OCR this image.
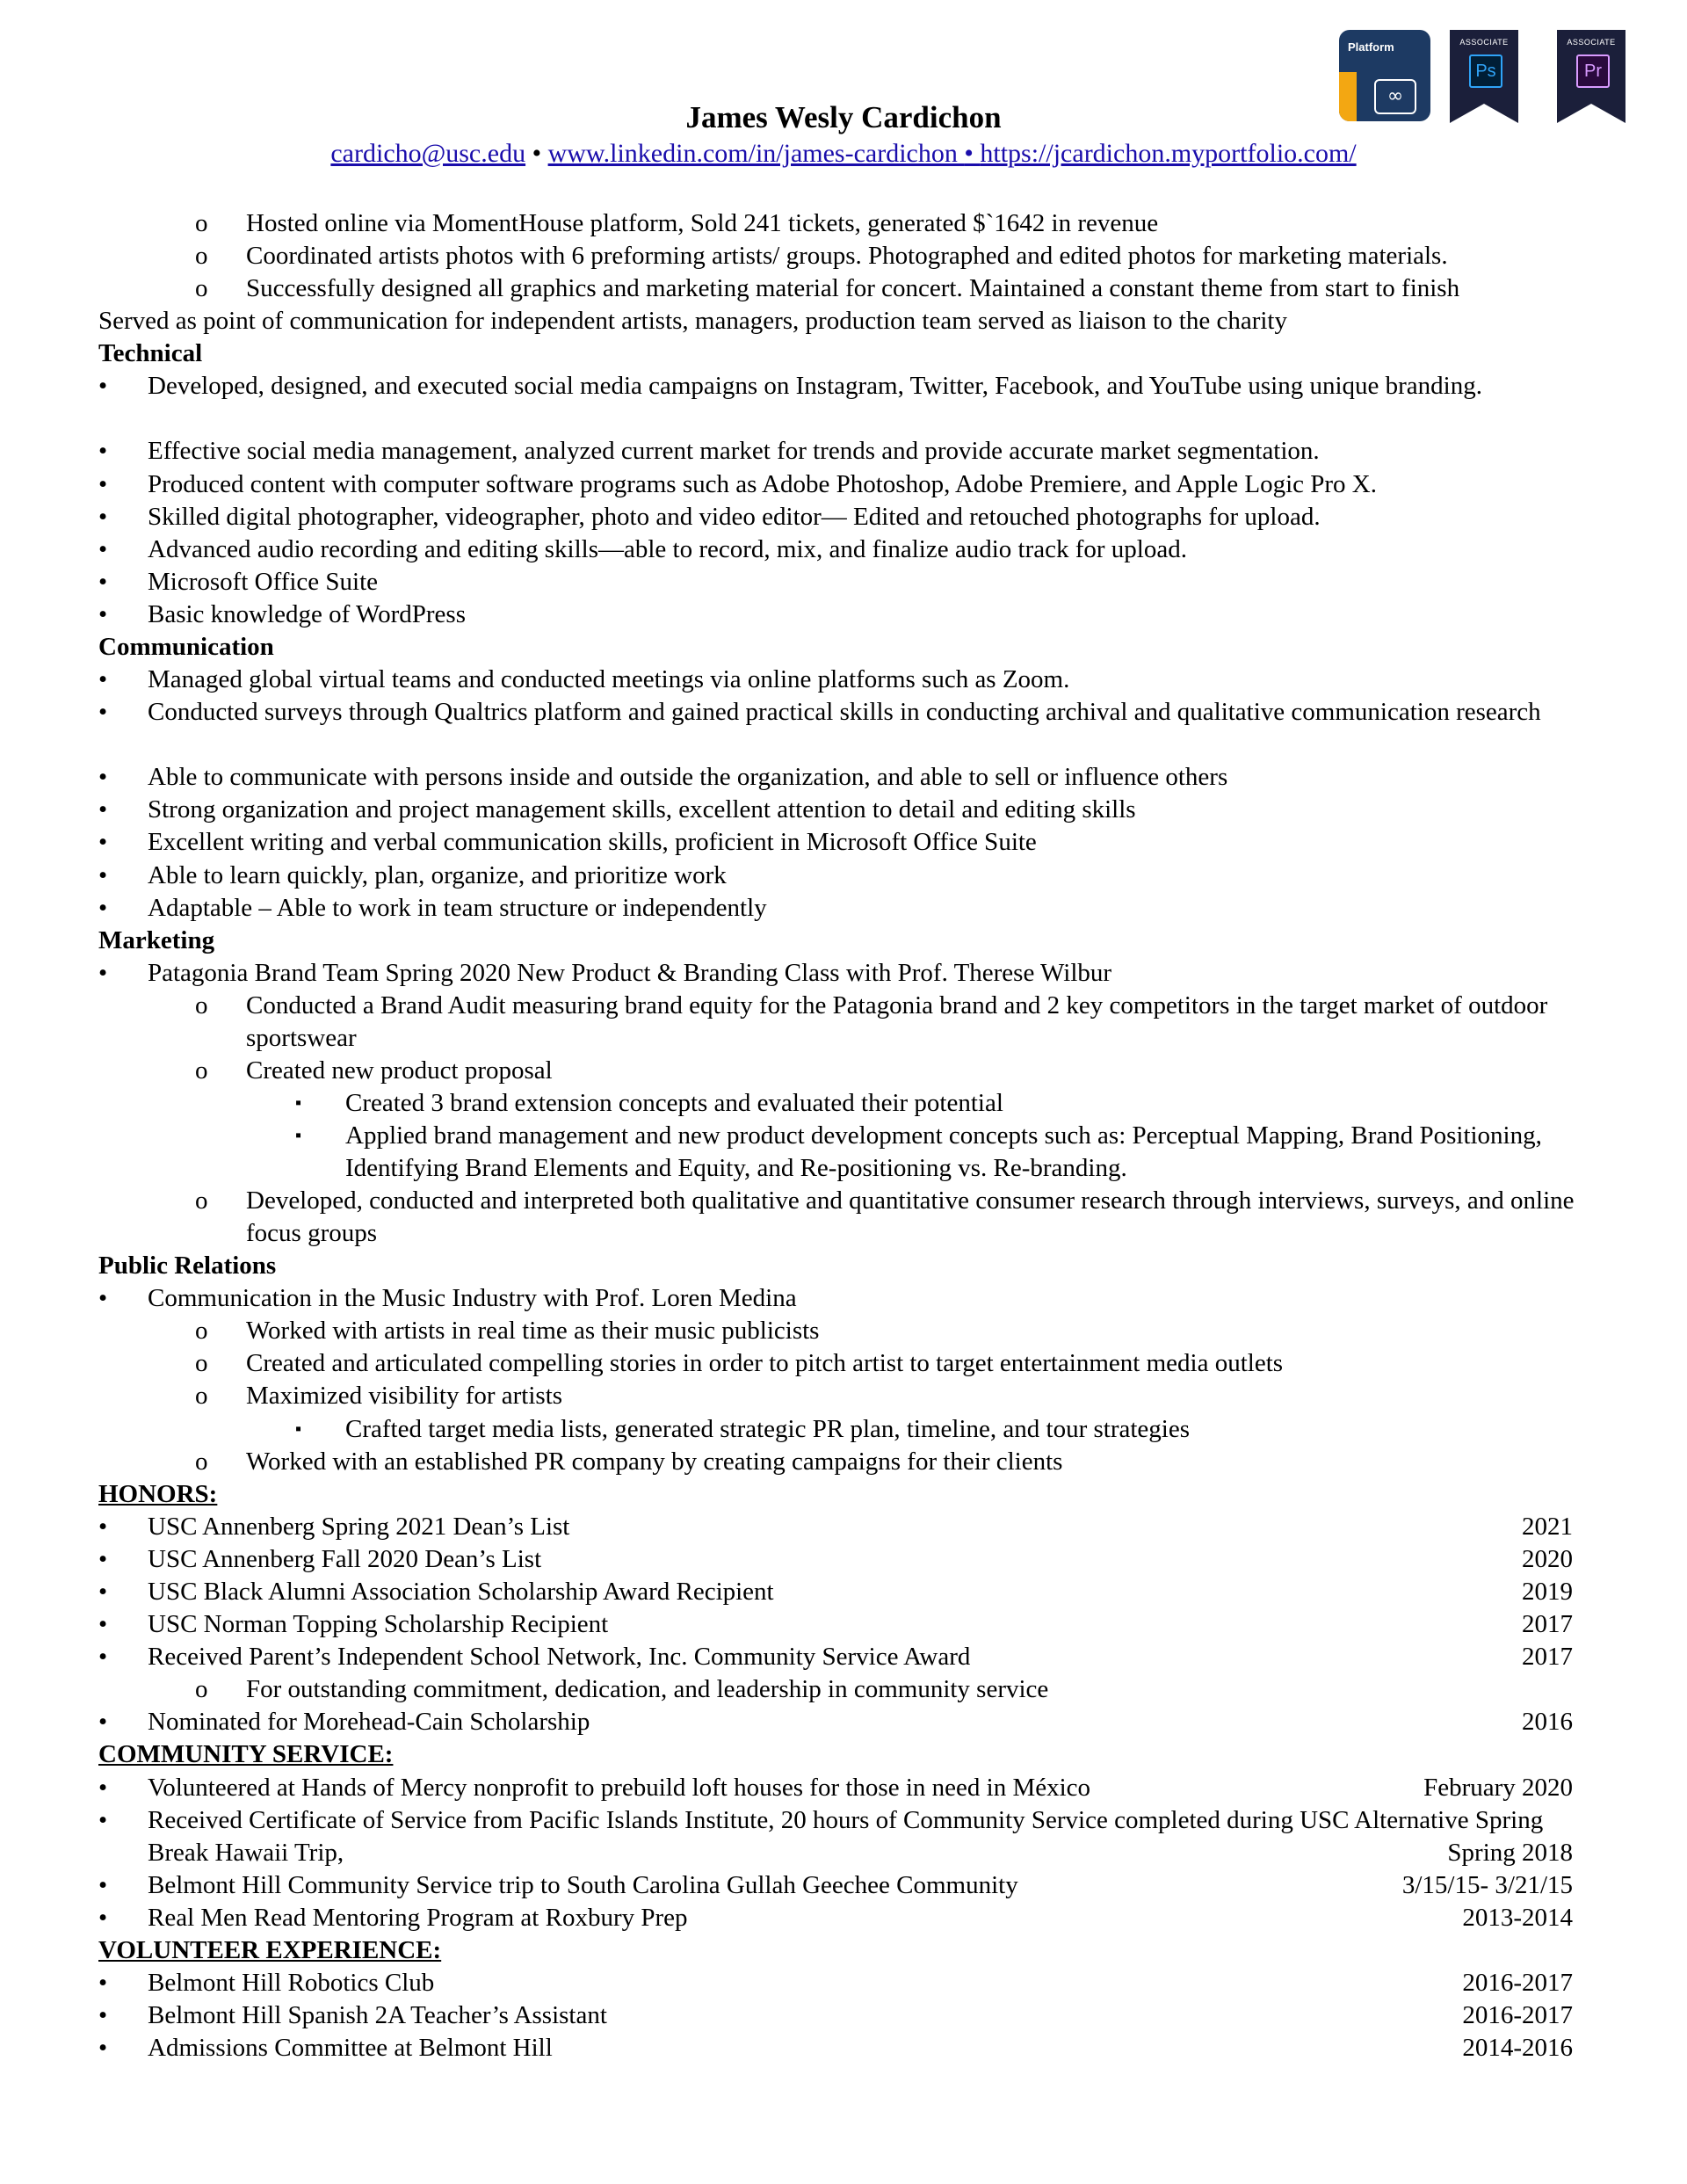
Platform
∞
ASSOCIATE
Ps
ASSOCIATE
Pr
James Wesly Cardichon
cardicho@usc.edu • www.linkedin.com/in/james-cardichon • https://jcardichon.myportfolio.com/
o	Hosted online via MomentHouse platform, Sold 241 tickets, generated $`1642 in revenue
o	Coordinated artists photos with 6 preforming artists/ groups. Photographed and edited photos for marketing materials.
o	Successfully designed all graphics and marketing material for concert. Maintained a constant theme from start to finish
Served as point of communication for independent artists, managers, production team served as liaison to the charity
Technical
•	Developed, designed, and executed social media campaigns on Instagram, Twitter, Facebook, and YouTube using unique branding.
•	Effective social media management, analyzed current market for trends and provide accurate market segmentation.
•	Produced content with computer software programs such as Adobe Photoshop, Adobe Premiere, and Apple Logic Pro X.
•	Skilled digital photographer, videographer, photo and video editor— Edited and retouched photographs for upload.
•	Advanced audio recording and editing skills—able to record, mix, and finalize audio track for upload.
•	Microsoft Office Suite
•	Basic knowledge of WordPress
Communication
•	Managed global virtual teams and conducted meetings via online platforms such as Zoom.
•	Conducted surveys through Qualtrics platform and gained practical skills in conducting archival and qualitative communication research
•	Able to communicate with persons inside and outside the organization, and able to sell or influence others
•	Strong organization and project management skills, excellent attention to detail and editing skills
•	Excellent writing and verbal communication skills, proficient in Microsoft Office Suite
•	Able to learn quickly, plan, organize, and prioritize work
•	Adaptable – Able to work in team structure or independently
Marketing
•	Patagonia Brand Team Spring 2020 New Product & Branding Class with Prof. Therese Wilbur
o	Conducted a Brand Audit measuring brand equity for the Patagonia brand and 2 key competitors in the target market of outdoor sportswear
o	Created new product proposal
▪	Created 3 brand extension concepts and evaluated their potential
▪	Applied brand management and new product development concepts such as: Perceptual Mapping, Brand Positioning, Identifying Brand Elements and Equity, and Re-positioning vs. Re-branding.
o	Developed, conducted and interpreted both qualitative and quantitative consumer research through interviews, surveys, and online focus groups
Public Relations
•	Communication in the Music Industry with Prof. Loren Medina
o	Worked with artists in real time as their music publicists
o	Created and articulated compelling stories in order to pitch artist to target entertainment media outlets
o	Maximized visibility for artists
▪	Crafted target media lists, generated strategic PR plan, timeline, and tour strategies
o	Worked with an established PR company by creating campaigns for their clients
HONORS:
•	USC Annenberg Spring 2021 Dean’s List	2021
•	USC Annenberg Fall 2020 Dean’s List	2020
•	USC Black Alumni Association Scholarship Award Recipient	2019
•	USC Norman Topping Scholarship Recipient	2017
•	Received Parent’s Independent School Network, Inc. Community Service Award	2017
o	For outstanding commitment, dedication, and leadership in community service
•	Nominated for Morehead-Cain Scholarship	2016
COMMUNITY SERVICE:
•	Volunteered at Hands of Mercy nonprofit to prebuild loft houses for those in need in México	February 2020
•	Received Certificate of Service from Pacific Islands Institute, 20 hours of Community Service completed during USC Alternative Spring Break Hawaii Trip,	Spring 2018
•	Belmont Hill Community Service trip to South Carolina Gullah Geechee Community	3/15/15- 3/21/15
•	Real Men Read Mentoring Program at Roxbury Prep	2013-2014
VOLUNTEER EXPERIENCE:
•	Belmont Hill Robotics Club	2016-2017
•	Belmont Hill Spanish 2A Teacher’s Assistant	2016-2017
•	Admissions Committee at Belmont Hill	2014-2016
